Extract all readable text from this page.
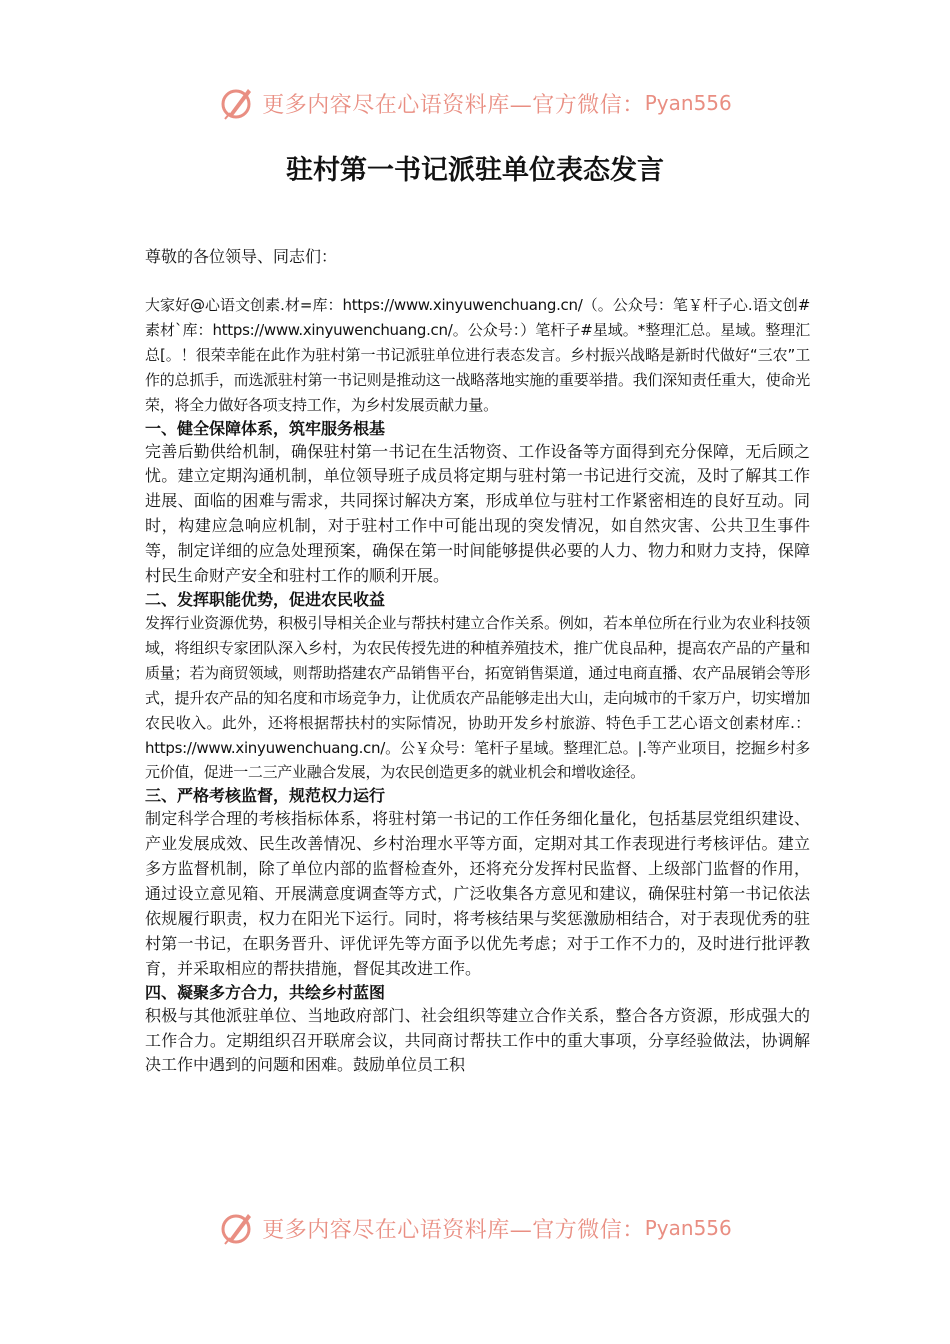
更多内容尽在心语资料库—官方微信： Pyan556
驻村第一书记派驻单位表态发言
尊敬的各位领导、同志们：

大家好@心语文创素.材=库：https://www.xinyuwenchuang.cn/（。公众号：笔￥杆子心.语文创#素材`库：https://www.xinyuwenchuang.cn/。公众号：）笔杆子#星域。*整理汇总。星域。整理汇总[。！很荣幸能在此作为驻村第一书记派驻单位进行表态发言。乡村振兴战略是新时代做好“三农”工作的总抓手，而选派驻村第一书记则是推动这一战略落地实施的重要举措。我们深知责任重大，使命光荣，将全力做好各项支持工作，为乡村发展贡献力量。

一、健全保障体系，筑牢服务根基

完善后勤供给机制，确保驻村第一书记在生活物资、工作设备等方面得到充分保障，无后顾之忧。建立定期沟通机制，单位领导班子成员将定期与驻村第一书记进行交流，及时了解其工作进展、面临的困难与需求，共同探讨解决方案，形成单位与驻村工作紧密相连的良好互动。同时，构建应急响应机制，对于驻村工作中可能出现的突发情况，如自然灾害、公共卫生事件等，制定详细的应急处理预案，确保在第一时间能够提供必要的人力、物力和财力支持，保障村民生命财产安全和驻村工作的顺利开展。

二、发挥职能优势，促进农民收益

发挥行业资源优势，积极引导相关企业与帮扶村建立合作关系。例如，若本单位所在行业为农业科技领域，将组织专家团队深入乡村，为农民传授先进的种植养殖技术，推广优良品种，提高农产品的产量和质量；若为商贸领域，则帮助搭建农产品销售平台，拓宽销售渠道，通过电商直播、农产品展销会等形式，提升农产品的知名度和市场竞争力，让优质农产品能够走出大山，走向城市的千家万户，切实增加农民收入。此外，还将根据帮扶村的实际情况，协助开发乡村旅游、特色手工艺心语文创素材库.：https://www.xinyuwenchuang.cn/。公￥众号：笔杆子星域。整理汇总。|.等产业项目，挖掘乡村多元价值，促进一二三产业融合发展，为农民创造更多的就业机会和增收途径。

三、严格考核监督，规范权力运行

制定科学合理的考核指标体系，将驻村第一书记的工作任务细化量化，包括基层党组织建设、产业发展成效、民生改善情况、乡村治理水平等方面，定期对其工作表现进行考核评估。建立多方监督机制，除了单位内部的监督检查外，还将充分发挥村民监督、上级部门监督的作用，通过设立意见箱、开展满意度调查等方式，广泛收集各方意见和建议，确保驻村第一书记依法依规履行职责，权力在阳光下运行。同时，将考核结果与奖惩激励相结合，对于表现优秀的驻村第一书记，在职务晋升、评优评先等方面予以优先考虑；对于工作不力的，及时进行批评教育，并采取相应的帮扶措施，督促其改进工作。

四、凝聚多方合力，共绘乡村蓝图

积极与其他派驻单位、当地政府部门、社会组织等建立合作关系，整合各方资源，形成强大的工作合力。定期组织召开联席会议，共同商讨帮扶工作中的重大事项，分享经验做法，协调解决工作中遇到的问题和困难。鼓励单位员工积

更多内容尽在心语资料库—官方微信： Pyan556
